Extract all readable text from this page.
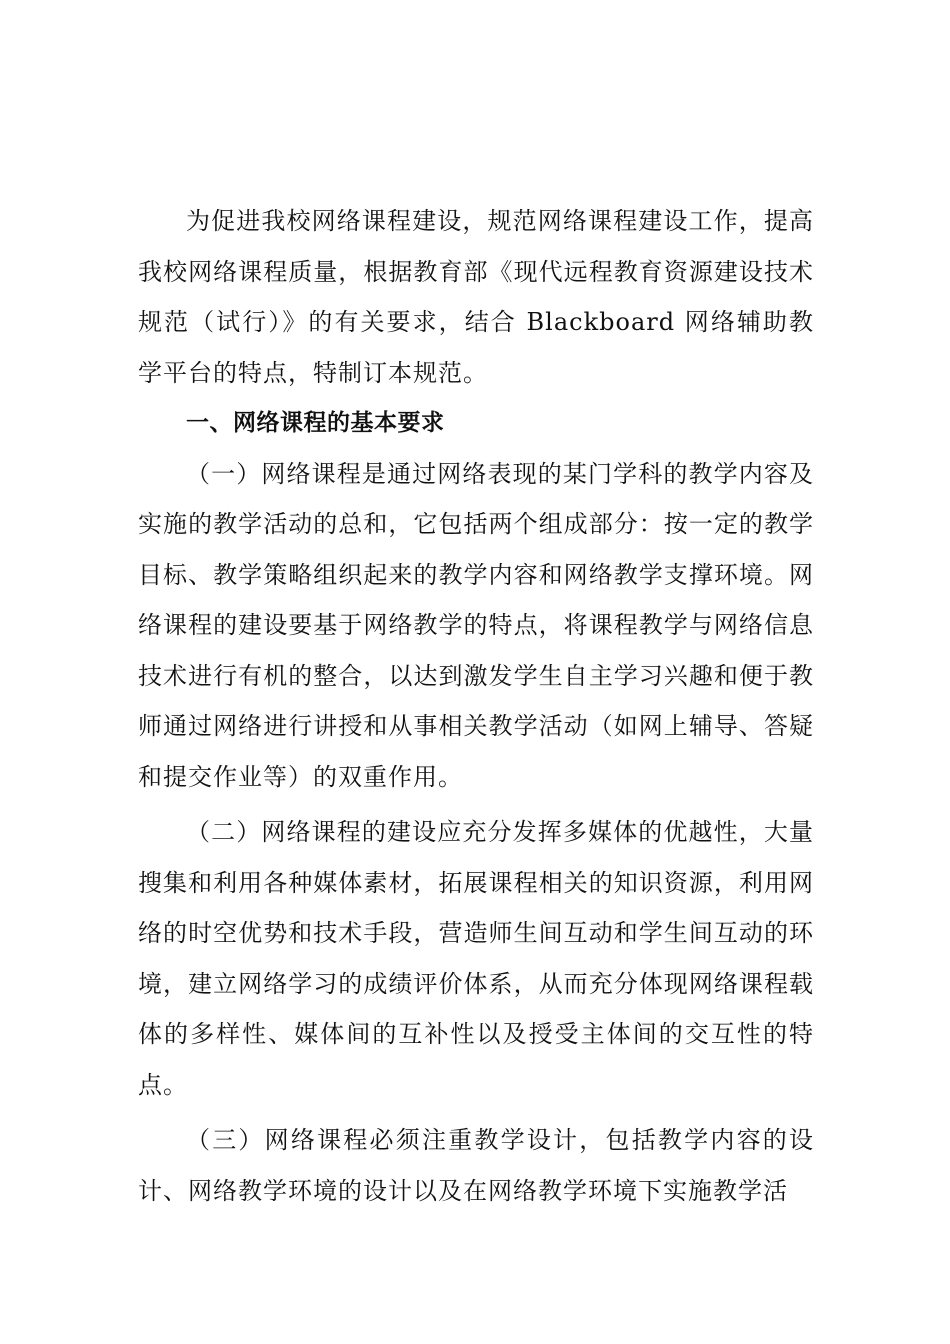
为促进我校网络课程建设，规范网络课程建设工作，提高我校网络课程质量，根据教育部《现代远程教育资源建设技术规范（试行）》的有关要求，结合 Blackboard 网络辅助教学平台的特点，特制订本规范。

一、网络课程的基本要求

（一）网络课程是通过网络表现的某门学科的教学内容及实施的教学活动的总和，它包括两个组成部分：按一定的教学目标、教学策略组织起来的教学内容和网络教学支撑环境。网络课程的建设要基于网络教学的特点，将课程教学与网络信息技术进行有机的整合，以达到激发学生自主学习兴趣和便于教师通过网络进行讲授和从事相关教学活动（如网上辅导、答疑和提交作业等）的双重作用。

（二）网络课程的建设应充分发挥多媒体的优越性，大量搜集和利用各种媒体素材，拓展课程相关的知识资源，利用网络的时空优势和技术手段，营造师生间互动和学生间互动的环境，建立网络学习的成绩评价体系，从而充分体现网络课程载体的多样性、媒体间的互补性以及授受主体间的交互性的特点。

（三）网络课程必须注重教学设计，包括教学内容的设计、网络教学环境的设计以及在网络教学环境下实施教学活
